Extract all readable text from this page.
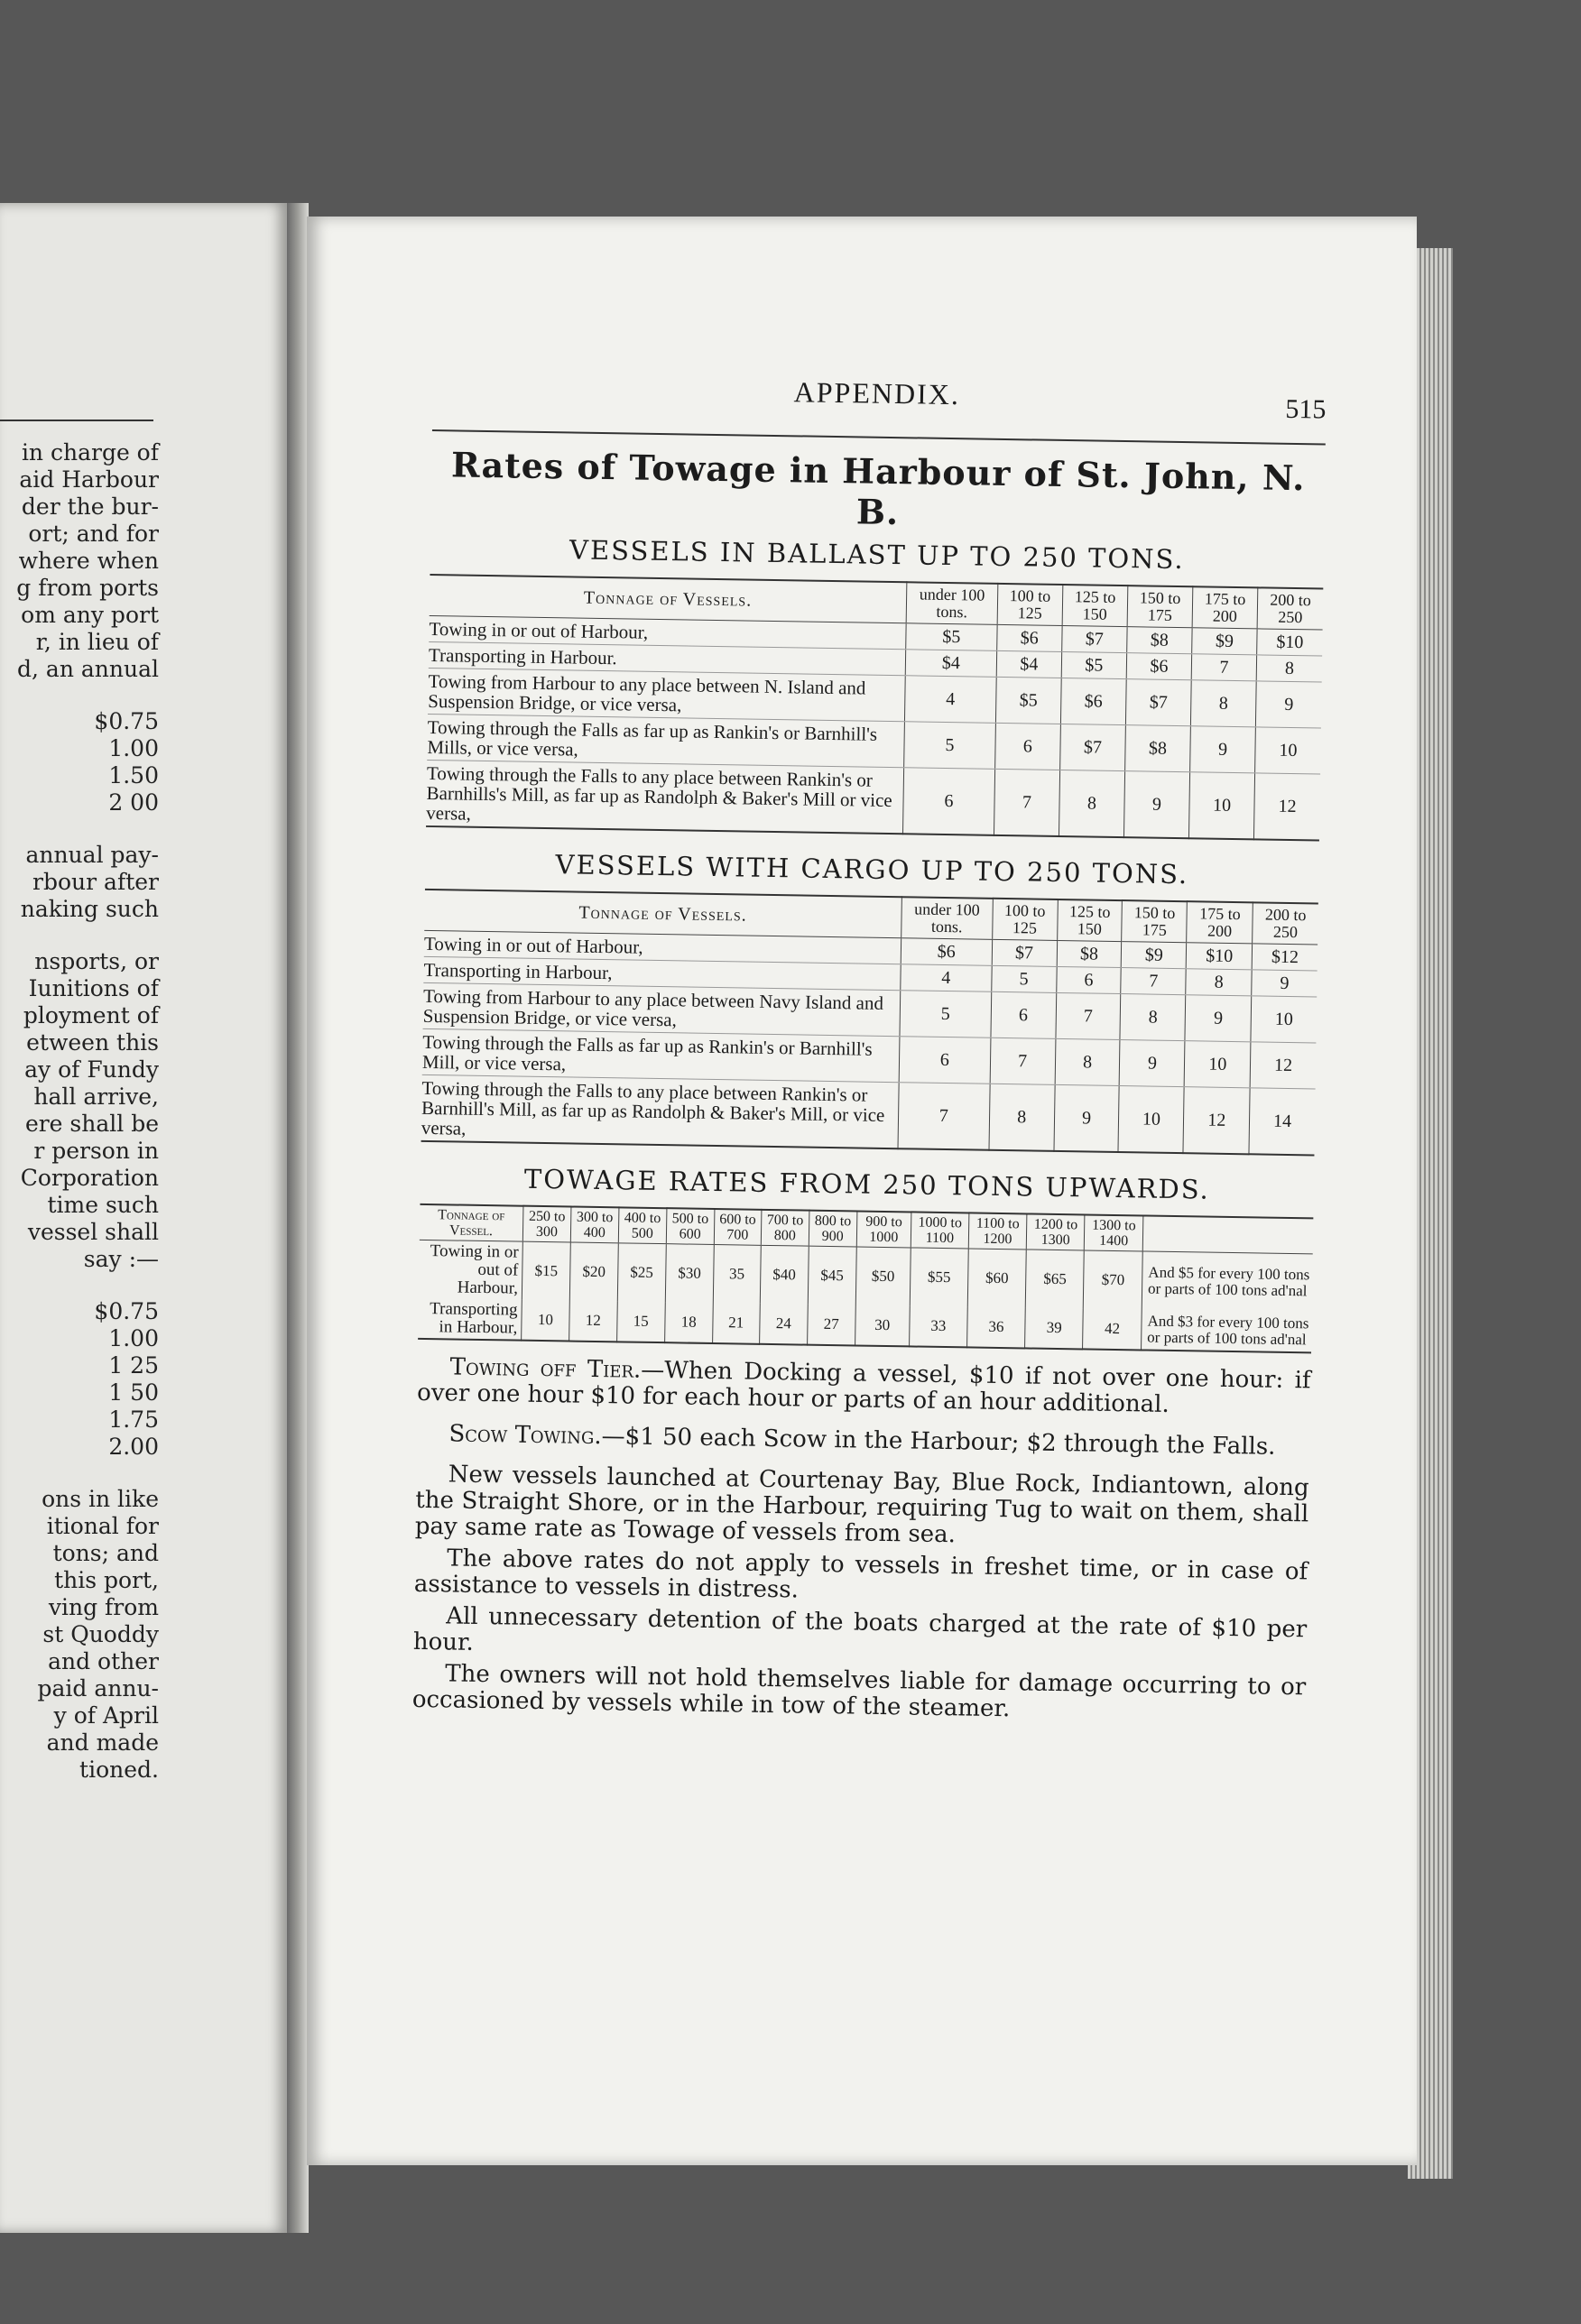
in charge of
aid Harbour
der the bur-
ort; and for
where when
g from ports
om any port
r, in lieu of
d, an annual
$0.75
1.00
1.50
2 00
annual pay-
rbour after
naking such
nsports, or
Iunitions of
ployment of
etween this
ay of Fundy
hall arrive,
ere shall be
r person in
Corporation
time such
vessel shall
say :—
$0.75
1.00
1 25
1 50
1.75
2.00
ons in like
itional for
tons; and
this port,
ving from
st Quoddy
and other
paid annu-
y of April
and made
tioned.
APPENDIX.	515
Rates of Towage in Harbour of St. John, N. B.
VESSELS IN BALLAST UP TO 250 TONS.
Tonnage of Vessels.	under 100 tons.	100 to 125	125 to 150	150 to 175	175 to 200	200 to 250
Towing in or out of Harbour,	$5	$6	$7	$8	$9	$10
Transporting in Harbour.	$4	$4	$5	$6	7	8
Towing from Harbour to any place between N. Island and Suspension Bridge, or vice versa,	4	$5	$6	$7	8	9
Towing through the Falls as far up as Rankin's or Barnhill's Mills, or vice versa,	5	6	$7	$8	9	10
Towing through the Falls to any place between Rankin's or Barnhills's Mill, as far up as Randolph & Baker's Mill or vice versa,	6	7	8	9	10	12
VESSELS WITH CARGO UP TO 250 TONS.
Tonnage of Vessels.	under 100 tons.	100 to 125	125 to 150	150 to 175	175 to 200	200 to 250
Towing in or out of Harbour,	$6	$7	$8	$9	$10	$12
Transporting in Harbour,	4	5	6	7	8	9
Towing from Harbour to any place between Navy Island and Suspension Bridge, or vice versa,	5	6	7	8	9	10
Towing through the Falls as far up as Rankin's or Barnhill's Mill, or vice versa,	6	7	8	9	10	12
Towing through the Falls to any place between Rankin's or Barnhill's Mill, as far up as Randolph & Baker's Mill, or vice versa,	7	8	9	10	12	14
TOWAGE RATES FROM 250 TONS UPWARDS.
Tonnage of Vessel.	250 to 300	300 to 400	400 to 500	500 to 600	600 to 700	700 to 800	800 to 900	900 to 1000	1000 to 1100	1100 to 1200	1200 to 1300	1300 to 1400	
Towing in or out of Harbour,	$15	$20	$25	$30	35	$40	$45	$50	$55	$60	$65	$70	And $5 for every 100 tons or parts of 100 tons ad'nal
Transporting in Harbour,	10	12	15	18	21	24	27	30	33	36	39	42	And $3 for every 100 tons or parts of 100 tons ad'nal

Towing off Tier.—When Docking a vessel, $10 if not over one hour: if over one hour $10 for each hour or parts of an hour additional.

Scow Towing.—$1 50 each Scow in the Harbour; $2 through the Falls.

New vessels launched at Courtenay Bay, Blue Rock, Indiantown, along the Straight Shore, or in the Harbour, requiring Tug to wait on them, shall pay same rate as Towage of vessels from sea.

The above rates do not apply to vessels in freshet time, or in case of assistance to vessels in distress.

All unnecessary detention of the boats charged at the rate of $10 per hour.

The owners will not hold themselves liable for damage occurring to or occasioned by vessels while in tow of the steamer.
